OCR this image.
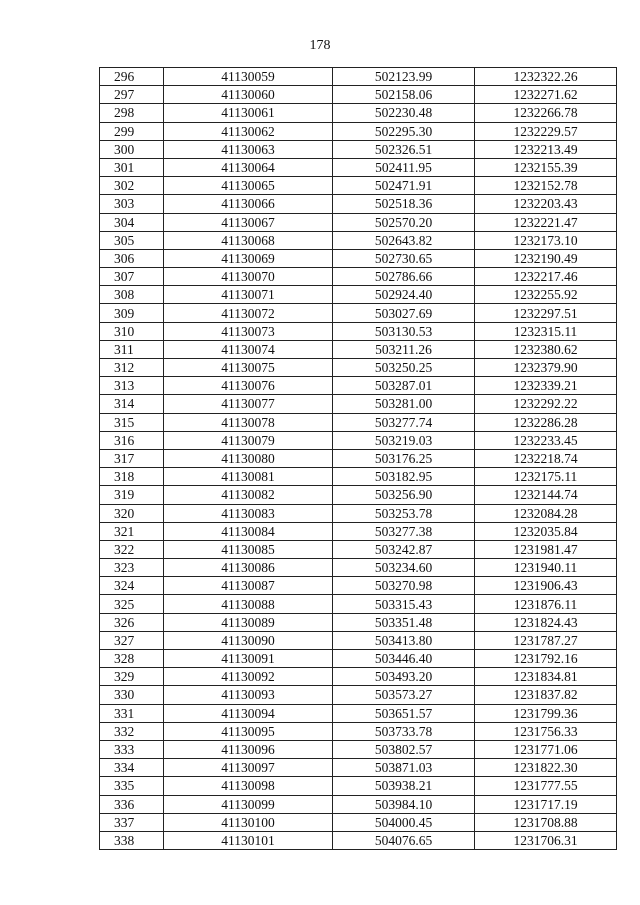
178
296	41130059	502123.99	1232322.26
297	41130060	502158.06	1232271.62
298	41130061	502230.48	1232266.78
299	41130062	502295.30	1232229.57
300	41130063	502326.51	1232213.49
301	41130064	502411.95	1232155.39
302	41130065	502471.91	1232152.78
303	41130066	502518.36	1232203.43
304	41130067	502570.20	1232221.47
305	41130068	502643.82	1232173.10
306	41130069	502730.65	1232190.49
307	41130070	502786.66	1232217.46
308	41130071	502924.40	1232255.92
309	41130072	503027.69	1232297.51
310	41130073	503130.53	1232315.11
311	41130074	503211.26	1232380.62
312	41130075	503250.25	1232379.90
313	41130076	503287.01	1232339.21
314	41130077	503281.00	1232292.22
315	41130078	503277.74	1232286.28
316	41130079	503219.03	1232233.45
317	41130080	503176.25	1232218.74
318	41130081	503182.95	1232175.11
319	41130082	503256.90	1232144.74
320	41130083	503253.78	1232084.28
321	41130084	503277.38	1232035.84
322	41130085	503242.87	1231981.47
323	41130086	503234.60	1231940.11
324	41130087	503270.98	1231906.43
325	41130088	503315.43	1231876.11
326	41130089	503351.48	1231824.43
327	41130090	503413.80	1231787.27
328	41130091	503446.40	1231792.16
329	41130092	503493.20	1231834.81
330	41130093	503573.27	1231837.82
331	41130094	503651.57	1231799.36
332	41130095	503733.78	1231756.33
333	41130096	503802.57	1231771.06
334	41130097	503871.03	1231822.30
335	41130098	503938.21	1231777.55
336	41130099	503984.10	1231717.19
337	41130100	504000.45	1231708.88
338	41130101	504076.65	1231706.31
